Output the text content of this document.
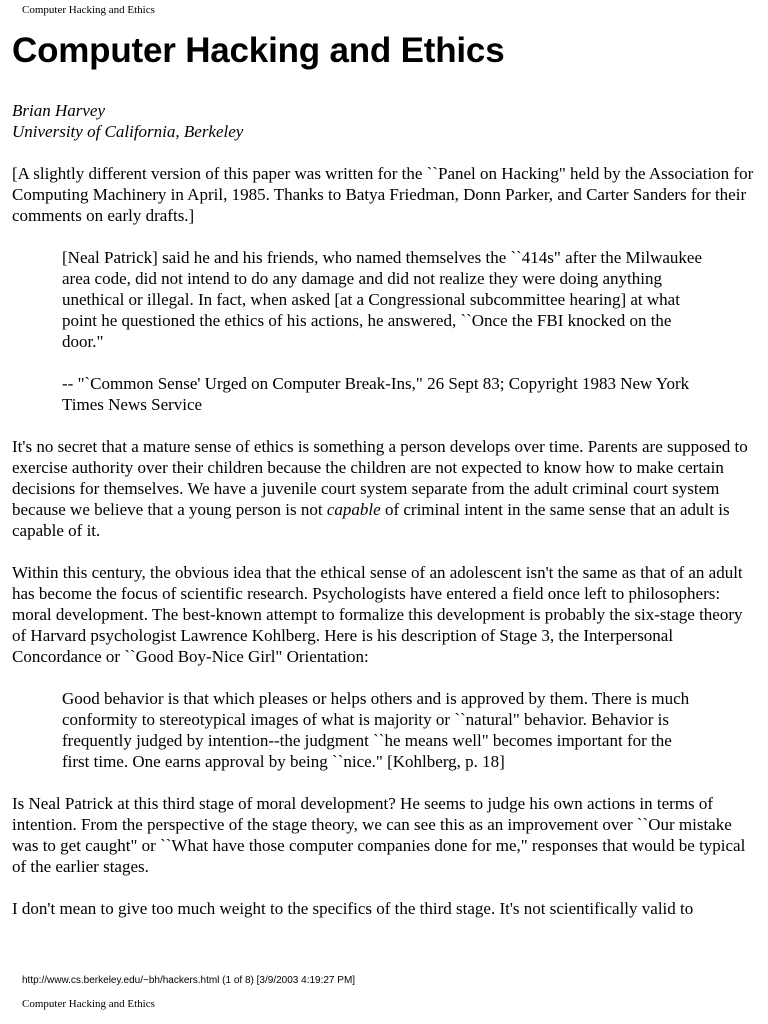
Computer Hacking and Ethics
Computer Hacking and Ethics

Brian Harvey
University of California, Berkeley

[A slightly different version of this paper was written for the ``Panel on Hacking" held by the Association for Computing Machinery in April, 1985. Thanks to Batya Friedman, Donn Parker, and Carter Sanders for their comments on early drafts.]

[Neal Patrick] said he and his friends, who named themselves the ``414s" after the Milwaukee area code, did not intend to do any damage and did not realize they were doing anything unethical or illegal. In fact, when asked [at a Congressional subcommittee hearing] at what point he questioned the ethics of his actions, he answered, ``Once the FBI knocked on the door."

-- "`Common Sense' Urged on Computer Break-Ins," 26 Sept 83; Copyright 1983 New York Times News Service

It's no secret that a mature sense of ethics is something a person develops over time. Parents are supposed to exercise authority over their children because the children are not expected to know how to make certain decisions for themselves. We have a juvenile court system separate from the adult criminal court system because we believe that a young person is not capable of criminal intent in the same sense that an adult is capable of it.

Within this century, the obvious idea that the ethical sense of an adolescent isn't the same as that of an adult has become the focus of scientific research. Psychologists have entered a field once left to philosophers: moral development. The best-known attempt to formalize this development is probably the six-stage theory of Harvard psychologist Lawrence Kohlberg. Here is his description of Stage 3, the Interpersonal Concordance or ``Good Boy-Nice Girl" Orientation:

Good behavior is that which pleases or helps others and is approved by them. There is much conformity to stereotypical images of what is majority or ``natural" behavior. Behavior is frequently judged by intention--the judgment ``he means well" becomes important for the first time. One earns approval by being ``nice." [Kohlberg, p. 18]

Is Neal Patrick at this third stage of moral development? He seems to judge his own actions in terms of intention. From the perspective of the stage theory, we can see this as an improvement over ``Our mistake was to get caught" or ``What have those computer companies done for me," responses that would be typical of the earlier stages.

I don't mean to give too much weight to the specifics of the third stage. It's not scientifically valid to

http://www.cs.berkeley.edu/~bh/hackers.html (1 of 8) [3/9/2003 4:19:27 PM]
Computer Hacking and Ethics
